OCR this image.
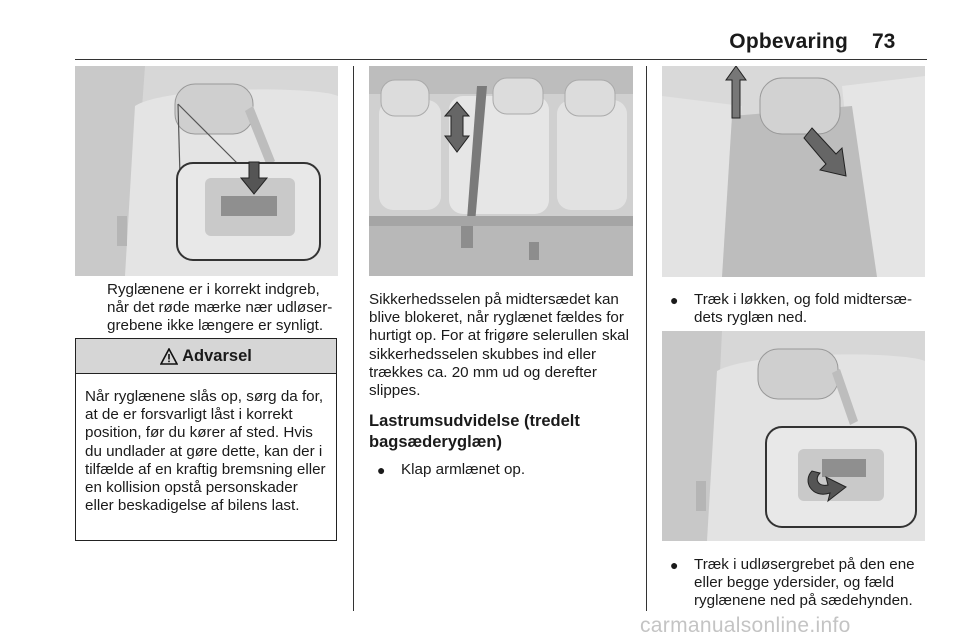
Opbevaring 73
Ryglænene er i korrekt indgreb, når det røde mærke nær udløsergrebene ikke længere er synligt.
Advarsel
Når ryglænene slås op, sørg da for, at de er forsvarligt låst i korrekt position, før du kører af sted. Hvis du undlader at gøre dette, kan der i tilfælde af en kraftig bremsning eller en kollision opstå personskader eller beskadigelse af bilens last.
Sikkerhedsselen på midtersædet kan blive blokeret, når ryglænet fældes for hurtigt op. For at frigøre selerullen skal sikkerhedsselen skubbes ind eller trækkes ca. 20 mm ud og derefter slippes.
Lastrumsudvidelse (tredelt bagsæderyglæn)
●	Klap armlænet op.
●	Træk i løkken, og fold midtersædets ryglæn ned.
●	Træk i udløsergrebet på den ene eller begge ydersider, og fæld ryglænene ned på sædehynden.
carmanualsonline.info
